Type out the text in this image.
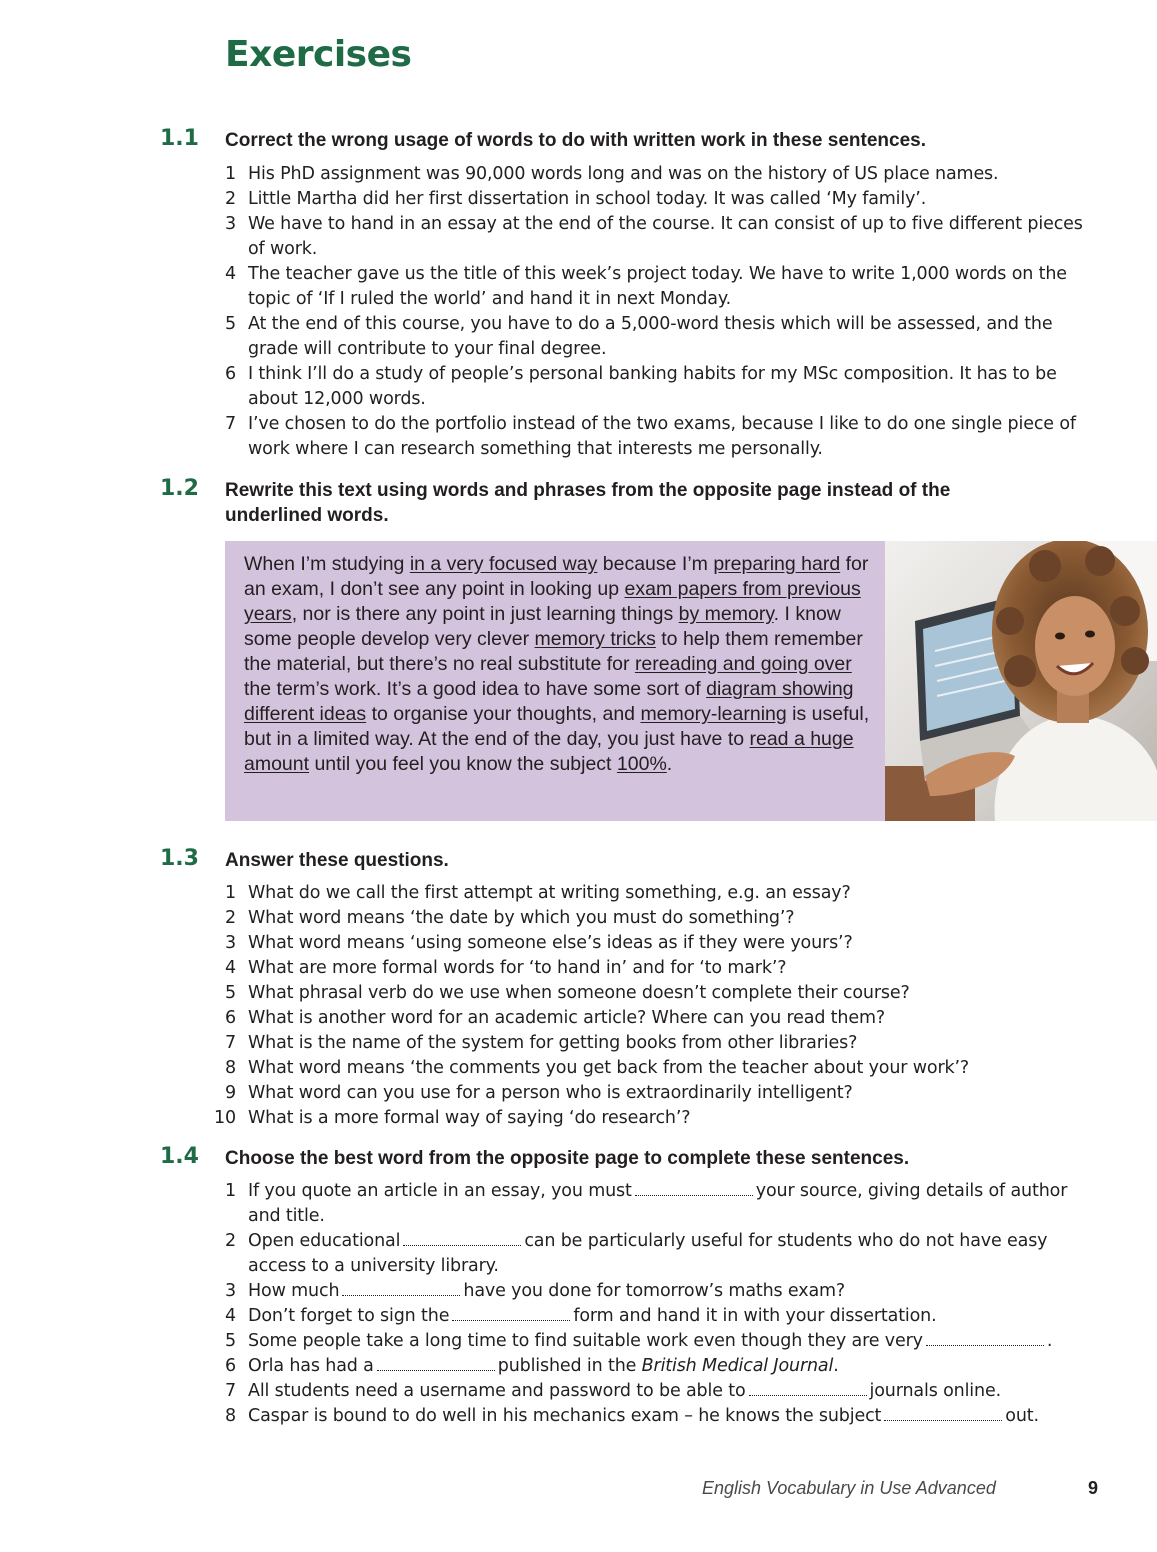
Exercises
1.1 Correct the wrong usage of words to do with written work in these sentences.
1 His PhD assignment was 90,000 words long and was on the history of US place names.
2 Little Martha did her first dissertation in school today. It was called ‘My family’.
3 We have to hand in an essay at the end of the course. It can consist of up to five different pieces of work.
4 The teacher gave us the title of this week’s project today. We have to write 1,000 words on the topic of ‘If I ruled the world’ and hand it in next Monday.
5 At the end of this course, you have to do a 5,000-word thesis which will be assessed, and the grade will contribute to your final degree.
6 I think I’ll do a study of people’s personal banking habits for my MSc composition. It has to be about 12,000 words.
7 I’ve chosen to do the portfolio instead of the two exams, because I like to do one single piece of work where I can research something that interests me personally.
1.2 Rewrite this text using words and phrases from the opposite page instead of the underlined words.
When I’m studying in a very focused way because I’m preparing hard for an exam, I don’t see any point in looking up exam papers from previous years, nor is there any point in just learning things by memory. I know some people develop very clever memory tricks to help them remember the material, but there’s no real substitute for rereading and going over the term’s work. It’s a good idea to have some sort of diagram showing different ideas to organise your thoughts, and memory-learning is useful, but in a limited way. At the end of the day, you just have to read a huge amount until you feel you know the subject 100%.
1.3 Answer these questions.
1 What do we call the first attempt at writing something, e.g. an essay?
2 What word means ‘the date by which you must do something’?
3 What word means ‘using someone else’s ideas as if they were yours’?
4 What are more formal words for ‘to hand in’ and for ‘to mark’?
5 What phrasal verb do we use when someone doesn’t complete their course?
6 What is another word for an academic article? Where can you read them?
7 What is the name of the system for getting books from other libraries?
8 What word means ‘the comments you get back from the teacher about your work’?
9 What word can you use for a person who is extraordinarily intelligent?
10 What is a more formal way of saying ‘do research’?
1.4 Choose the best word from the opposite page to complete these sentences.
1 If you quote an article in an essay, you must	your source, giving details of author and title.
2 Open educational	can be particularly useful for students who do not have easy access to a university library.
3 How much	have you done for tomorrow’s maths exam?
4 Don’t forget to sign the	form and hand it in with your dissertation.
5 Some people take a long time to find suitable work even though they are very	.
6 Orla has had a	published in the British Medical Journal.
7 All students need a username and password to be able to	journals online.
8 Caspar is bound to do well in his mechanics exam – he knows the subject	out.
English Vocabulary in Use Advanced	9
